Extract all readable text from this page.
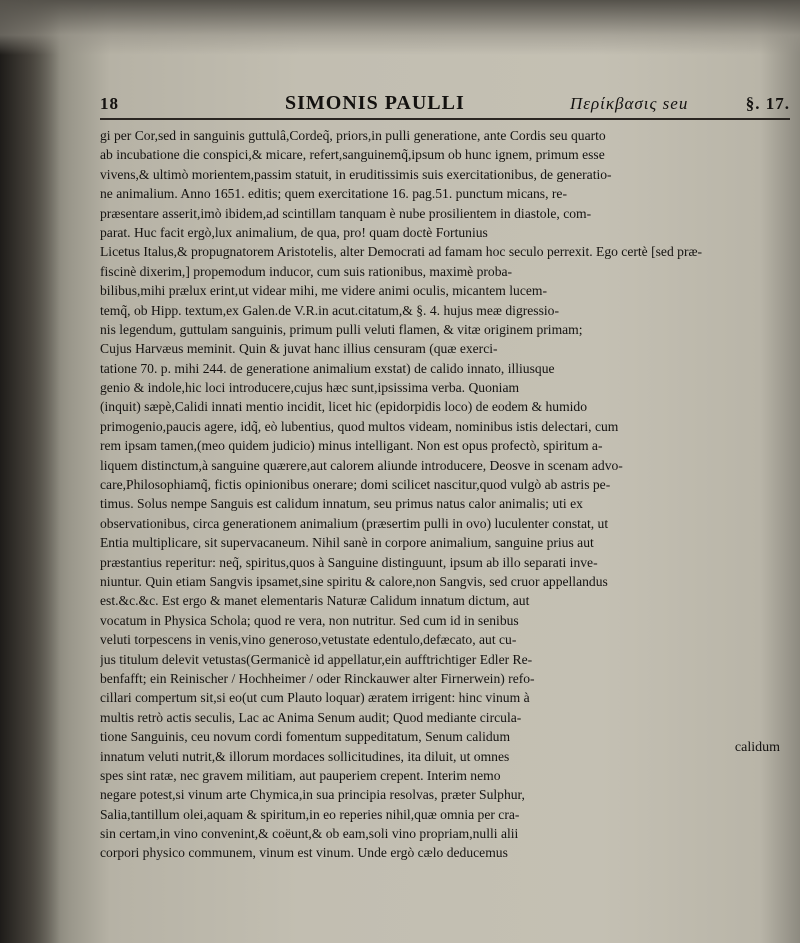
18	SIMONIS PAULLI	Περίκβασις seu	§. 17.
gi per Cor,sed in sanguinis guttulâ,Cordeq̃, priors,in pulli generatione, ante Cordis seu quarto
ab incubatione die conspici,& micare, refert,sanguinemq̃,ipsum ob hunc ignem, primum esse
vivens,& ultimò morientem,passim statuit, in eruditissimis suis exercitationibus, de generatio-
ne animalium. Anno 1651. editis; quem exercitatione 16. pag.51. punctum micans, re-
præsentare asserit,imò ibidem,ad scintillam tanquam è nube prosilientem in diastole, com-
parat. Huc facit ergò,lux animalium, de qua, pro! quam doctè Fortunius
Licetus Italus,& propugnatorem Aristotelis, alter Democrati ad famam hoc seculo perrexit. Ego certè [sed præ-
fiscinè dixerim,] propemodum inducor, cum suis rationibus, maximè proba-
bilibus,mihi prælux erint,ut videar mihi, me videre animi oculis, micantem lucem-
temq̃, ob Hipp. textum,ex Galen.de V.R.in acut.citatum,& §. 4. hujus meæ digressio-
nis legendum, guttulam sanguinis, primum pulli veluti flamen, & vitæ originem primam;
Cujus Harvæus meminit. Quin & juvat hanc illius censuram (quæ exerci-
tatione 70. p. mihi 244. de generatione animalium exstat) de calido innato, illiusque
genio & indole,hic loci introducere,cujus hæc sunt,ipsissima verba. Quoniam
(inquit) sæpè,Calidi innati mentio incidit, licet hic (epidorpidis loco) de eodem & humido
primogenio,paucis agere, idq̃, eò lubentius, quod multos videam, nominibus istis delectari, cum
rem ipsam tamen,(meo quidem judicio) minus intelligant. Non est opus profectò, spiritum a-
liquem distinctum,à sanguine quærere,aut calorem aliunde introducere, Deosve in scenam advo-
care,Philosophiamq̃, fictis opinionibus onerare; domi scilicet nascitur,quod vulgò ab astris pe-
timus. Solus nempe Sanguis est calidum innatum, seu primus natus calor animalis; uti ex
observationibus, circa generationem animalium (præsertim pulli in ovo) luculenter constat, ut
Entia multiplicare, sit supervacaneum. Nihil sanè in corpore animalium, sanguine prius aut
præstantius reperitur: neq̃, spiritus,quos à Sanguine distinguunt, ipsum ab illo separati inve-
niuntur. Quin etiam Sangvis ipsamet,sine spiritu & calore,non Sangvis, sed cruor appellandus
est.&c.&c. Est ergo & manet elementaris Naturæ Calidum innatum dictum, aut
vocatum in Physica Schola; quod re vera, non nutritur. Sed cum id in senibus
veluti torpescens in venis,vino generoso,vetustate edentulo,defæcato, aut cu-
jus titulum delevit vetustas(Germanicè id appellatur,ein aufftrichtiger Edler Re-
benfafft; ein Reinischer / Hochheimer / oder Rinckauwer alter Firnerwein) refo-
cillari compertum sit,si eo(ut cum Plauto loquar) æratem irrigent: hinc vinum à
multis retrò actis seculis, Lac ac Anima Senum audit; Quod mediante circula-
tione Sanguinis, ceu novum cordi fomentum suppeditatum, Senum calidum
innatum veluti nutrit,& illorum mordaces sollicitudines, ita diluit, ut omnes
spes sint ratæ, nec gravem militiam, aut pauperiem crepent. Interim nemo
negare potest,si vinum arte Chymica,in sua principia resolvas, præter Sulphur,
Salia,tantillum olei,aquam & spiritum,in eo reperies nihil,quæ omnia per cra-
sin certam,in vino convenint,& coëunt,& ob eam,soli vino propriam,nulli alii
corpori physico communem, vinum est vinum. Unde ergò cælo deducemus
calidum
